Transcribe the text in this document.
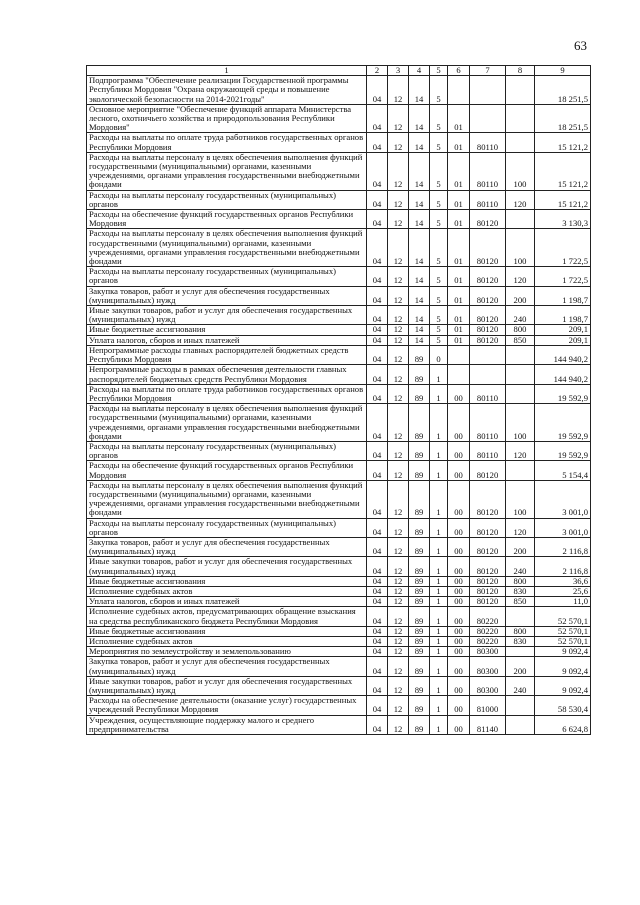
63
1	2	3	4	5	6	7	8	9
Подпрограмма "Обеспечение реализации Государственной программы Республики Мордовия "Охрана окружающей среды и повышение экологической безопасности на 2014-2021годы"	04	12	14	5				18 251,5
Основное мероприятие "Обеспечение функций аппарата Министерства лесного, охотничьего хозяйства и природопользования Республики Мордовия"	04	12	14	5	01			18 251,5
Расходы на выплаты по оплате труда работников государственных органов Республики Мордовия	04	12	14	5	01	80110		15 121,2
Расходы на выплаты персоналу в целях обеспечения выполнения функций государственными (муниципальными) органами, казенными учреждениями, органами управления государственными внебюджетными фондами	04	12	14	5	01	80110	100	15 121,2
Расходы на выплаты персоналу государственных (муниципальных) органов	04	12	14	5	01	80110	120	15 121,2
Расходы на обеспечение функций государственных органов Республики Мордовия	04	12	14	5	01	80120		3 130,3
Расходы на выплаты персоналу в целях обеспечения выполнения функций государственными (муниципальными) органами, казенными учреждениями, органами управления государственными внебюджетными фондами	04	12	14	5	01	80120	100	1 722,5
Расходы на выплаты персоналу государственных (муниципальных) органов	04	12	14	5	01	80120	120	1 722,5
Закупка товаров, работ и услуг для обеспечения государственных (муниципальных) нужд	04	12	14	5	01	80120	200	1 198,7
Иные закупки товаров, работ и услуг для обеспечения государственных (муниципальных) нужд	04	12	14	5	01	80120	240	1 198,7
Иные бюджетные ассигнования	04	12	14	5	01	80120	800	209,1
Уплата налогов, сборов и иных платежей	04	12	14	5	01	80120	850	209,1
Непрограммные расходы главных распорядителей бюджетных средств Республики Мордовия	04	12	89	0				144 940,2
Непрограммные расходы в рамках обеспечения деятельности главных распорядителей бюджетных средств Республики Мордовия	04	12	89	1				144 940,2
Расходы на выплаты по оплате труда работников государственных органов Республики Мордовия	04	12	89	1	00	80110		19 592,9
Расходы на выплаты персоналу в целях обеспечения выполнения функций государственными (муниципальными) органами, казенными учреждениями, органами управления государственными внебюджетными фондами	04	12	89	1	00	80110	100	19 592,9
Расходы на выплаты персоналу государственных (муниципальных) органов	04	12	89	1	00	80110	120	19 592,9
Расходы на обеспечение функций государственных органов Республики Мордовия	04	12	89	1	00	80120		5 154,4
Расходы на выплаты персоналу в целях обеспечения выполнения функций государственными (муниципальными) органами, казенными учреждениями, органами управления государственными внебюджетными фондами	04	12	89	1	00	80120	100	3 001,0
Расходы на выплаты персоналу государственных (муниципальных) органов	04	12	89	1	00	80120	120	3 001,0
Закупка товаров, работ и услуг для обеспечения государственных (муниципальных) нужд	04	12	89	1	00	80120	200	2 116,8
Иные закупки товаров, работ и услуг для обеспечения государственных (муниципальных) нужд	04	12	89	1	00	80120	240	2 116,8
Иные бюджетные ассигнования	04	12	89	1	00	80120	800	36,6
Исполнение судебных актов	04	12	89	1	00	80120	830	25,6
Уплата налогов, сборов и иных платежей	04	12	89	1	00	80120	850	11,0
Исполнение судебных актов, предусматривающих обращение взыскания на средства республиканского бюджета Республики Мордовия	04	12	89	1	00	80220		52 570,1
Иные бюджетные ассигнования	04	12	89	1	00	80220	800	52 570,1
Исполнение судебных актов	04	12	89	1	00	80220	830	52 570,1
Мероприятия по землеустройству и землепользованию	04	12	89	1	00	80300		9 092,4
Закупка товаров, работ и услуг для обеспечения государственных (муниципальных) нужд	04	12	89	1	00	80300	200	9 092,4
Иные закупки товаров, работ и услуг для обеспечения государственных (муниципальных) нужд	04	12	89	1	00	80300	240	9 092,4
Расходы на обеспечение деятельности (оказание услуг) государственных учреждений Республики Мордовия	04	12	89	1	00	81000		58 530,4
Учреждения, осуществляющие поддержку малого и среднего предпринимательства	04	12	89	1	00	81140		6 624,8
